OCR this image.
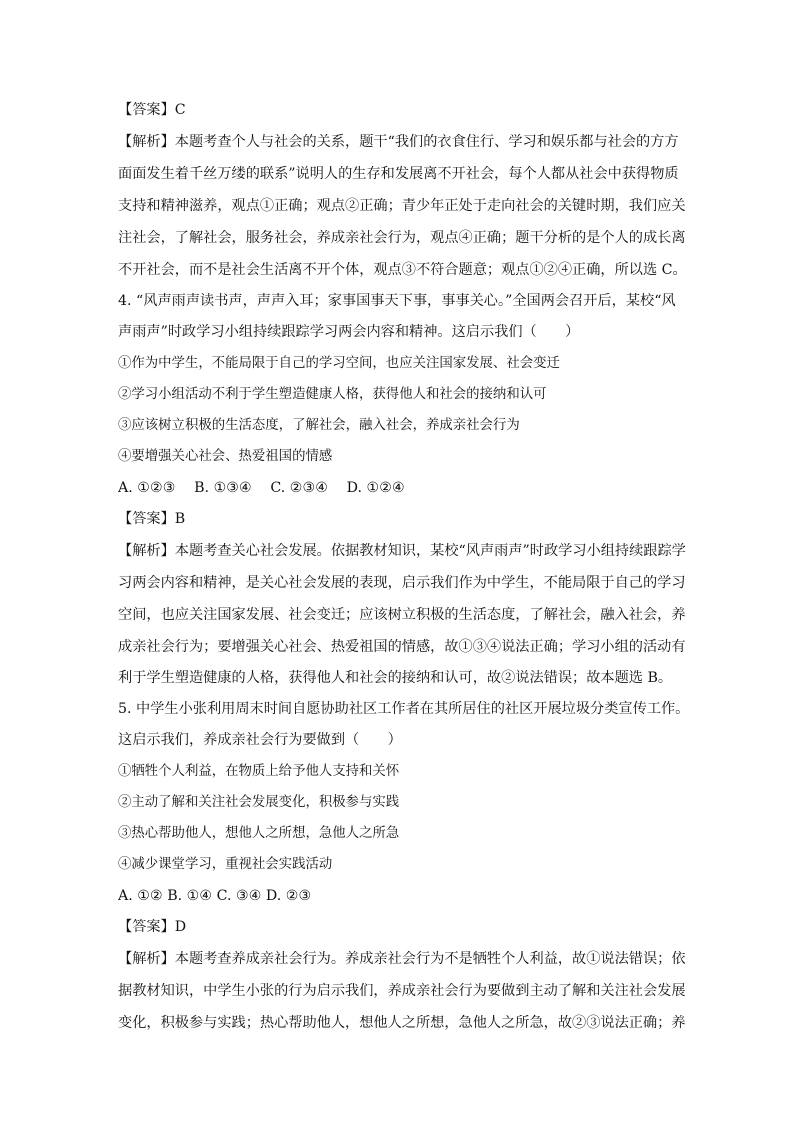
【答案】C
【解析】本题考查个人与社会的关系，题干“我们的衣食住行、学习和娱乐都与社会的方方
面面发生着千丝万缕的联系”说明人的生存和发展离不开社会，每个人都从社会中获得物质
支持和精神滋养，观点①正确；观点②正确；青少年正处于走向社会的关键时期，我们应关
注社会，了解社会，服务社会，养成亲社会行为，观点④正确；题干分析的是个人的成长离
不开社会，而不是社会生活离不开个体，观点③不符合题意；观点①②④正确，所以选 C。
4. “风声雨声读书声，声声入耳；家事国事天下事，事事关心。”全国两会召开后，某校“风
声雨声”时政学习小组持续跟踪学习两会内容和精神。这启示我们（　　）
①作为中学生，不能局限于自己的学习空间，也应关注国家发展、社会变迁
②学习小组活动不利于学生塑造健康人格，获得他人和社会的接纳和认可
③应该树立积极的生活态度，了解社会，融入社会，养成亲社会行为
④要增强关心社会、热爱祖国的情感
A. ①②③　 B. ①③④　 C. ②③④　 D. ①②④
【答案】B
【解析】本题考查关心社会发展。依据教材知识，某校“风声雨声”时政学习小组持续跟踪学
习两会内容和精神，是关心社会发展的表现，启示我们作为中学生，不能局限于自己的学习
空间，也应关注国家发展、社会变迁；应该树立积极的生活态度，了解社会，融入社会，养
成亲社会行为；要增强关心社会、热爱祖国的情感，故①③④说法正确；学习小组的活动有
利于学生塑造健康的人格，获得他人和社会的接纳和认可，故②说法错误；故本题选 B。
5. 中学生小张利用周末时间自愿协助社区工作者在其所居住的社区开展垃圾分类宣传工作。
这启示我们，养成亲社会行为要做到（　　）
①牺牲个人利益，在物质上给予他人支持和关怀
②主动了解和关注社会发展变化，积极参与实践
③热心帮助他人，想他人之所想，急他人之所急
④减少课堂学习，重视社会实践活动
A. ①② B. ①④ C. ③④ D. ②③
【答案】D
【解析】本题考查养成亲社会行为。养成亲社会行为不是牺牲个人利益，故①说法错误；依
据教材知识，中学生小张的行为启示我们，养成亲社会行为要做到主动了解和关注社会发展
变化，积极参与实践；热心帮助他人，想他人之所想，急他人之所急，故②③说法正确；养
